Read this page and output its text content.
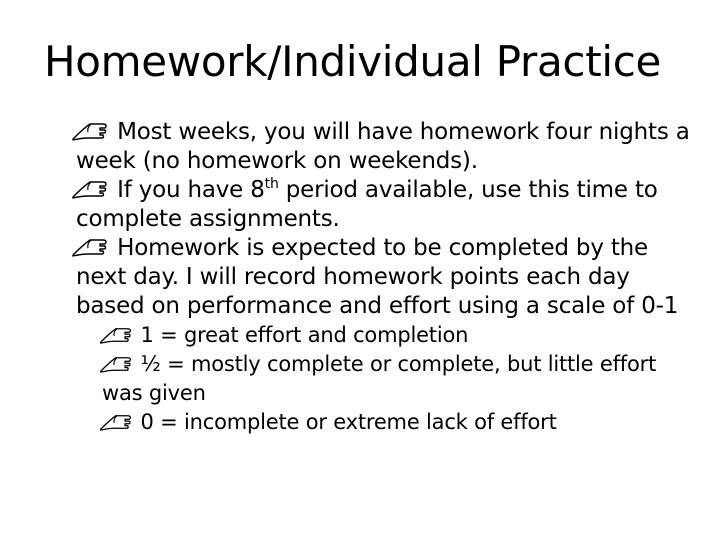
Homework/Individual Practice
Most weeks, you will have homework four nights a week (no homework on weekends).
If you have 8th period available, use this time to complete assignments.
Homework is expected to be completed by the next day. I will record homework points each day based on performance and effort using a scale of 0-1
1 = great effort and completion
½ = mostly complete or complete, but little effort was given
0 = incomplete or extreme lack of effort
